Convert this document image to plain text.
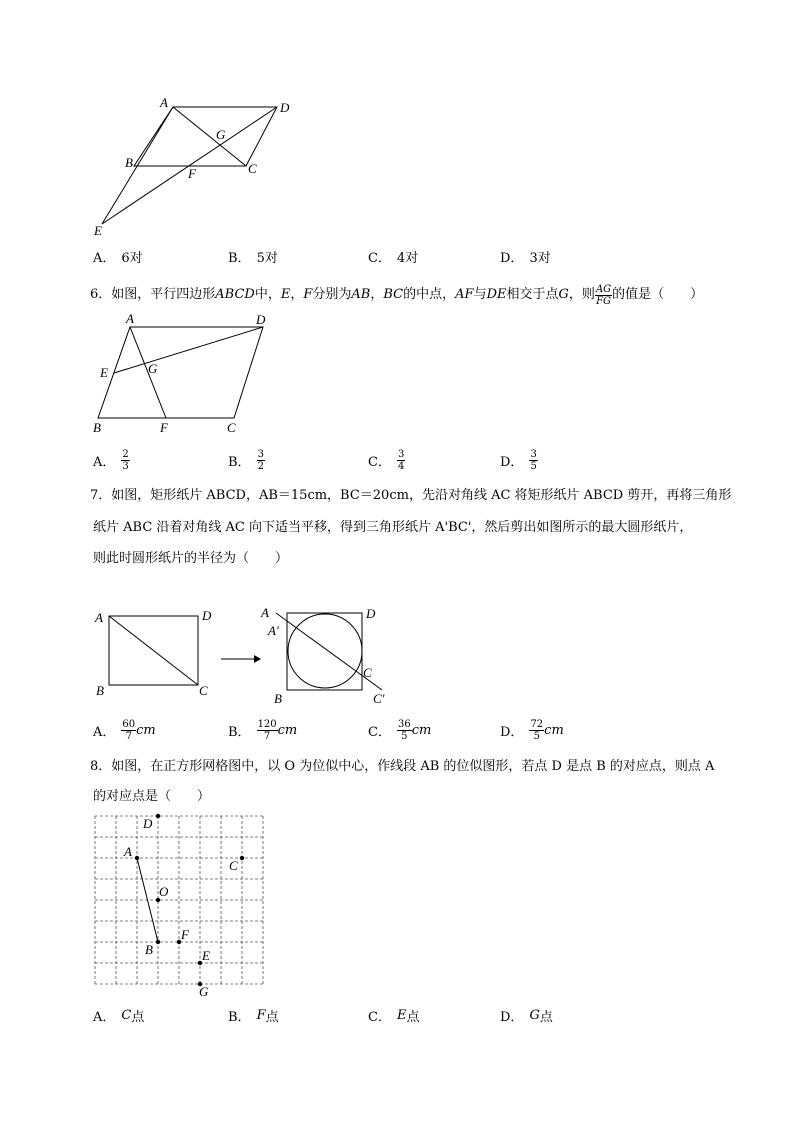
A	D
G
B	C
F
E
A． 6对	B． 5对	C． 4对	D． 3对
6．如图，平行四边形 ABCD 中， E ， F 分别为 AB ， BC 的中点， AF 与 DE 相交于点 G ，则 $\frac{AG}{FG}$ 的值是（　　）
A	D
E	G
B	F	C
A． $\frac{2}{3}$	B． $\frac{3}{2}$	C． $\frac{3}{4}$	D． $\frac{3}{5}$
7．如图，矩形纸片 ABCD，AB＝15cm，BC＝20cm，先沿对角线 AC 将矩形纸片 ABCD 剪开，再将三角形
纸片 ABC 沿着对角线 AC 向下适当平移，得到三角形纸片 A'BC'，然后剪出如图所示的最大圆形纸片，
则此时圆形纸片的半径为（　　）
A	D
B	C
A
A′
D
C
B	C′
A． $\frac{60}{7}$ cm	B． $\frac{120}{7}$ cm	C． $\frac{36}{5}$ cm	D． $\frac{72}{5}$ cm
8．如图，在正方形网格图中，以 O 为位似中心，作线段 AB 的位似图形，若点 D 是点 B 的对应点，则点 A
的对应点是（　　）
D
A
C
O
B
F
E
G
A． C 点	B． F 点	C． E 点	D． G 点
